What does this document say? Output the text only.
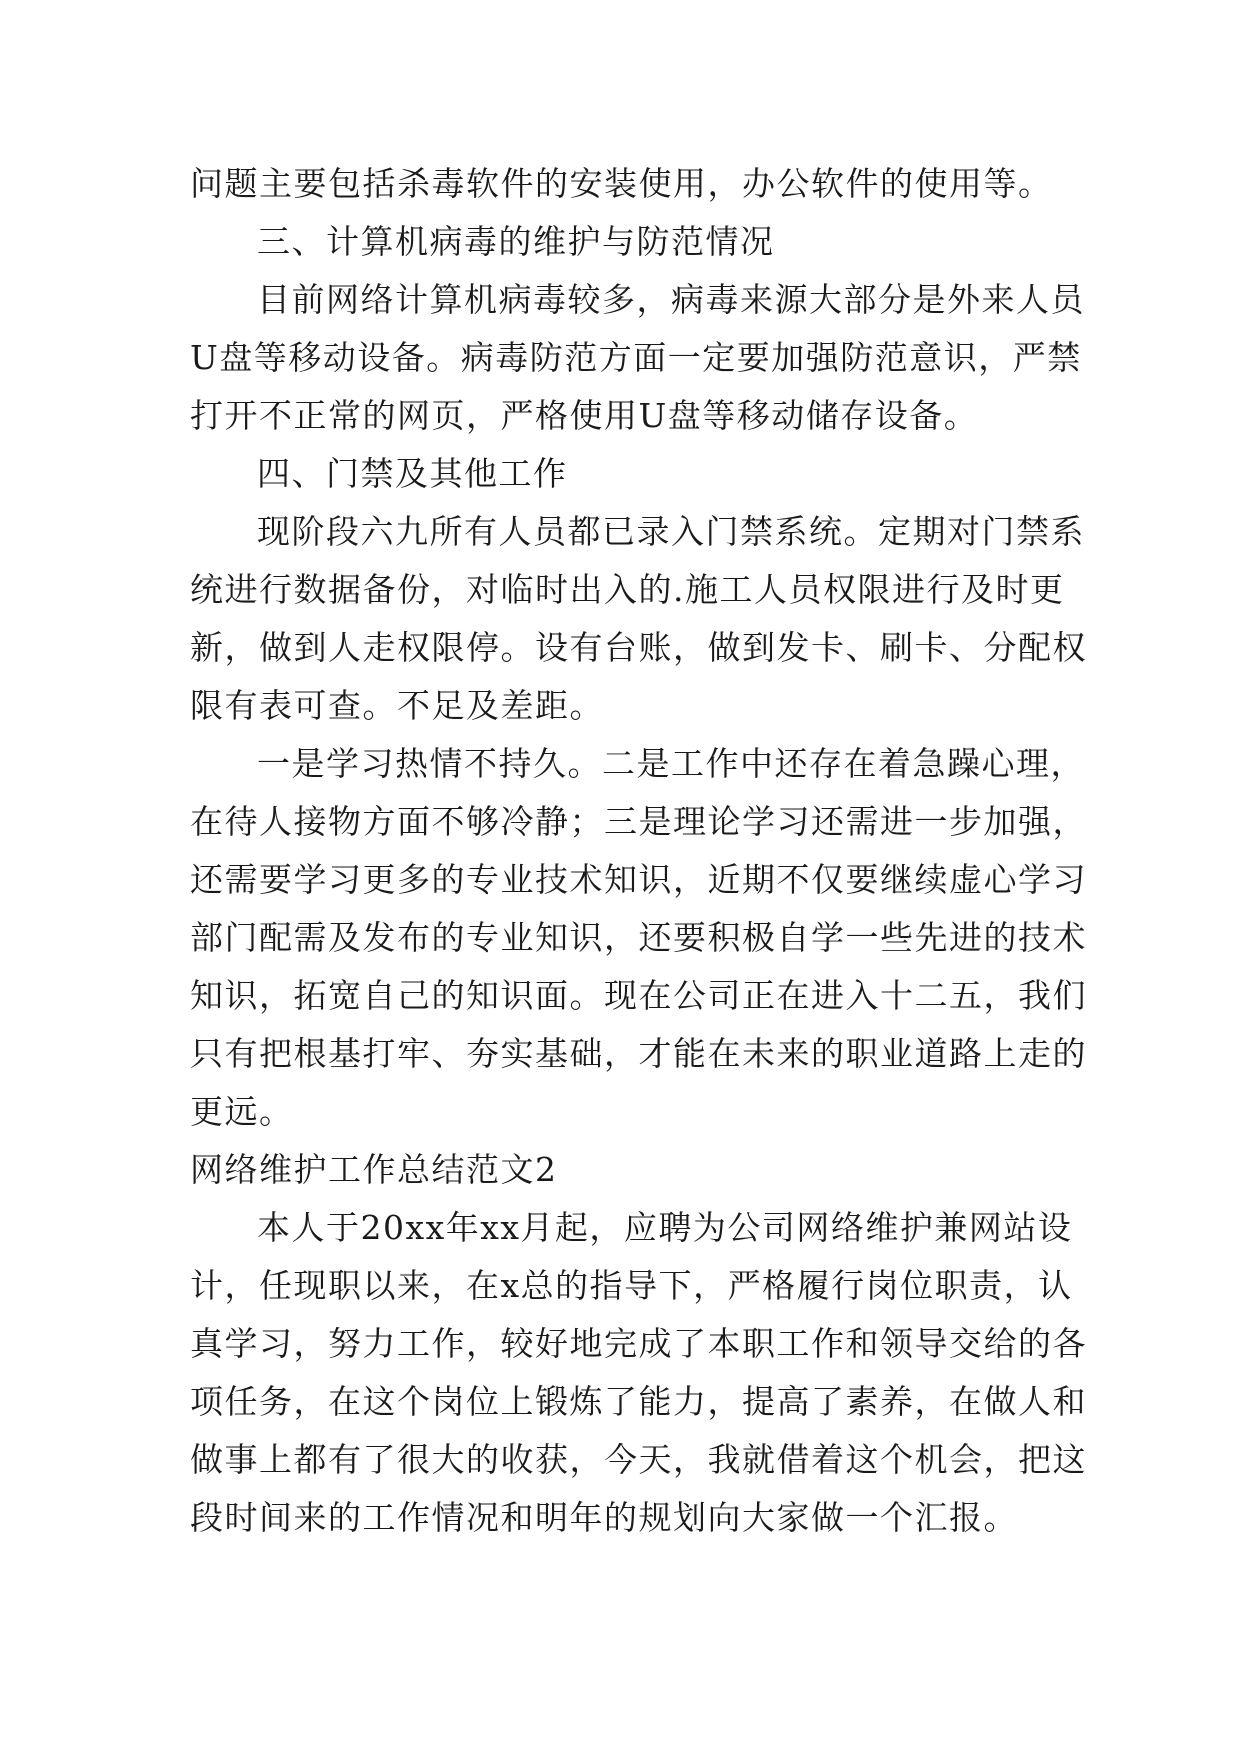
问题主要包括杀毒软件的安装使用，办公软件的使用等。
三、计算机病毒的维护与防范情况
目前网络计算机病毒较多，病毒来源大部分是外来人员
U盘等移动设备。病毒防范方面一定要加强防范意识，严禁
打开不正常的网页，严格使用U盘等移动储存设备。
四、门禁及其他工作
现阶段六九所有人员都已录入门禁系统。定期对门禁系
统进行数据备份，对临时出入的.施工人员权限进行及时更
新，做到人走权限停。设有台账，做到发卡、刷卡、分配权
限有表可查。不足及差距。
一是学习热情不持久。二是工作中还存在着急躁心理，
在待人接物方面不够冷静；三是理论学习还需进一步加强，
还需要学习更多的专业技术知识，近期不仅要继续虚心学习
部门配需及发布的专业知识，还要积极自学一些先进的技术
知识，拓宽自己的知识面。现在公司正在进入十二五，我们
只有把根基打牢、夯实基础，才能在未来的职业道路上走的
更远。
网络维护工作总结范文2
本人于20xx年xx月起，应聘为公司网络维护兼网站设
计，任现职以来，在x总的指导下，严格履行岗位职责，认
真学习，努力工作，较好地完成了本职工作和领导交给的各
项任务，在这个岗位上锻炼了能力，提高了素养，在做人和
做事上都有了很大的收获，今天，我就借着这个机会，把这
段时间来的工作情况和明年的规划向大家做一个汇报。
